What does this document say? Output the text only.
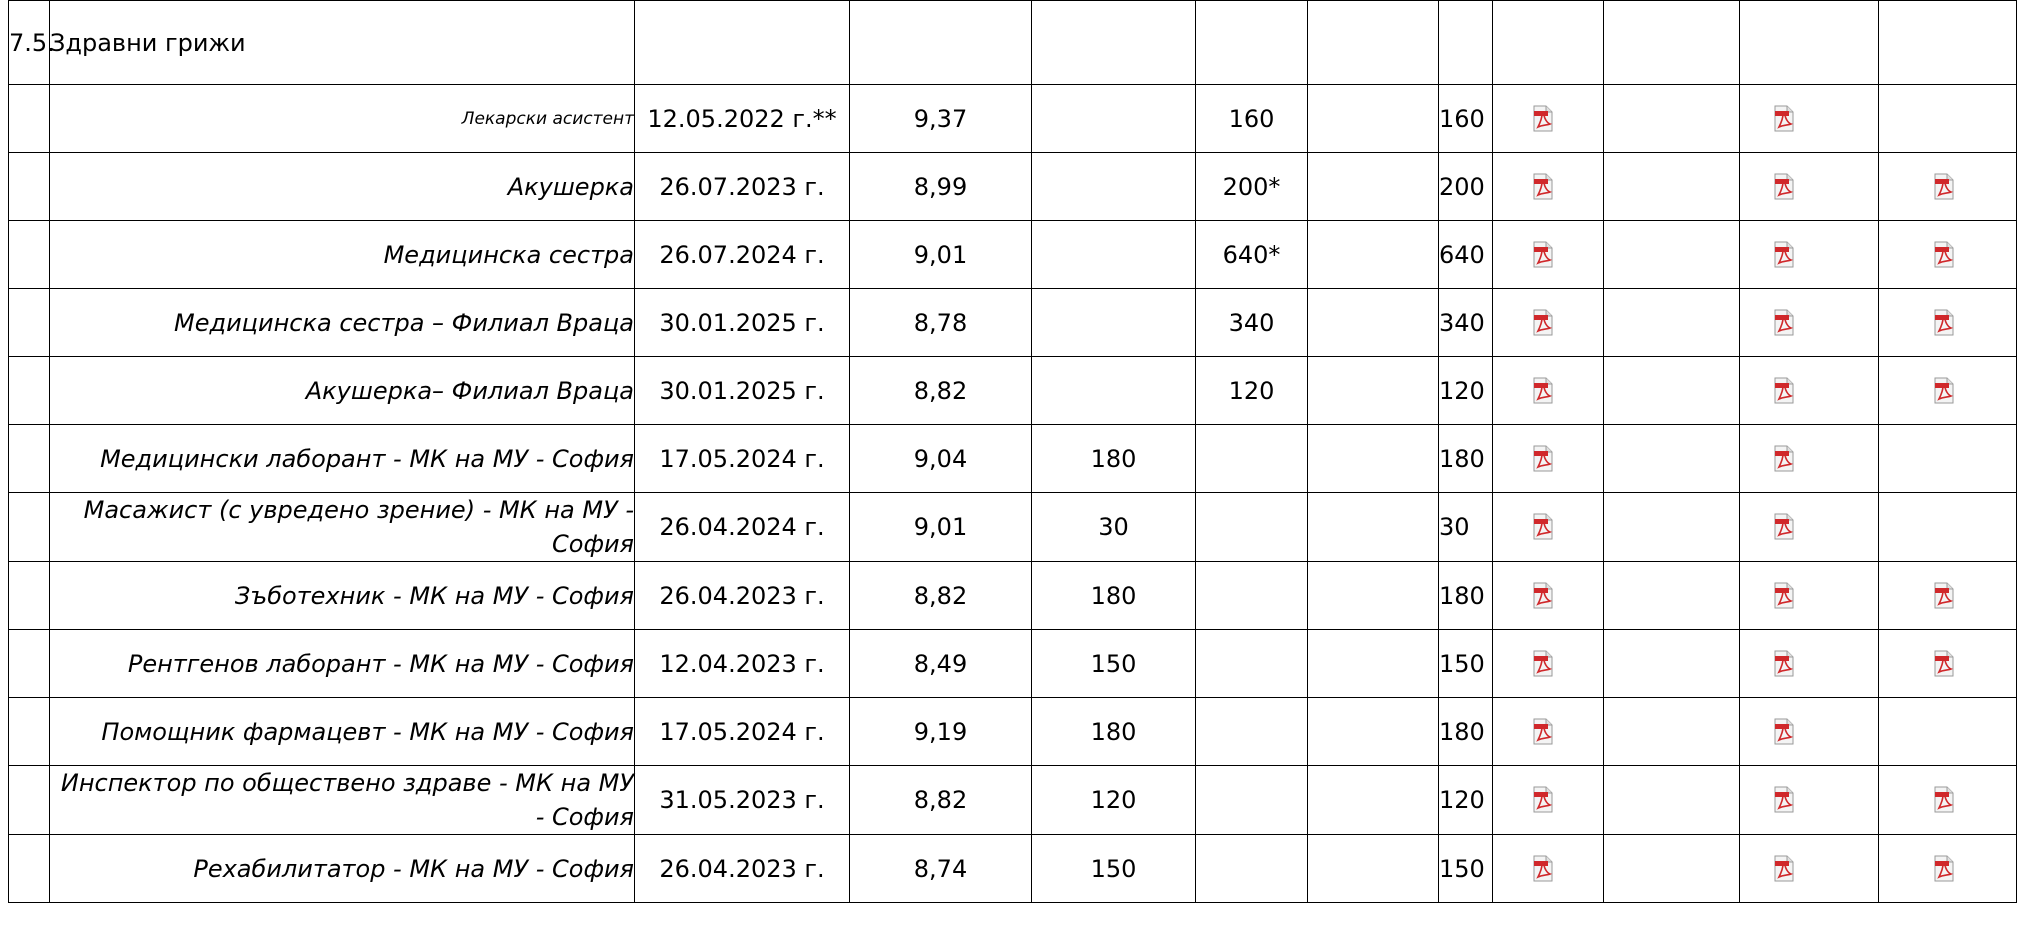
7.5.	Здравни грижи										
	Лекарски асистент	12.05.2022 г.**	9,37		160		160	

	Акушерка	26.07.2023 г.	8,99		200*		200	

	Медицинска сестра	26.07.2024 г.	9,01		640*		640	

	Медицинска сестра – Филиал Враца	30.01.2025 г.	8,78		340		340	

	Акушерка– Филиал Враца	30.01.2025 г.	8,82		120		120	

	Медицински лаборант - МК на МУ - София	17.05.2024 г.	9,04	180			180	

	Масажист (с увредено зрение) - МК на МУ - София	26.04.2024 г.	9,01	30			30	

	Зъботехник - МК на МУ - София	26.04.2023 г.	8,82	180			180	

	Рентгенов лаборант - МК на МУ - София	12.04.2023 г.	8,49	150			150	

	Помощник фармацевт - МК на МУ - София	17.05.2024 г.	9,19	180			180	

	Инспектор по обществено здраве - МК на МУ - София	31.05.2023 г.	8,82	120			120	

	Рехабилитатор - МК на МУ - София	26.04.2023 г.	8,74	150			150	
